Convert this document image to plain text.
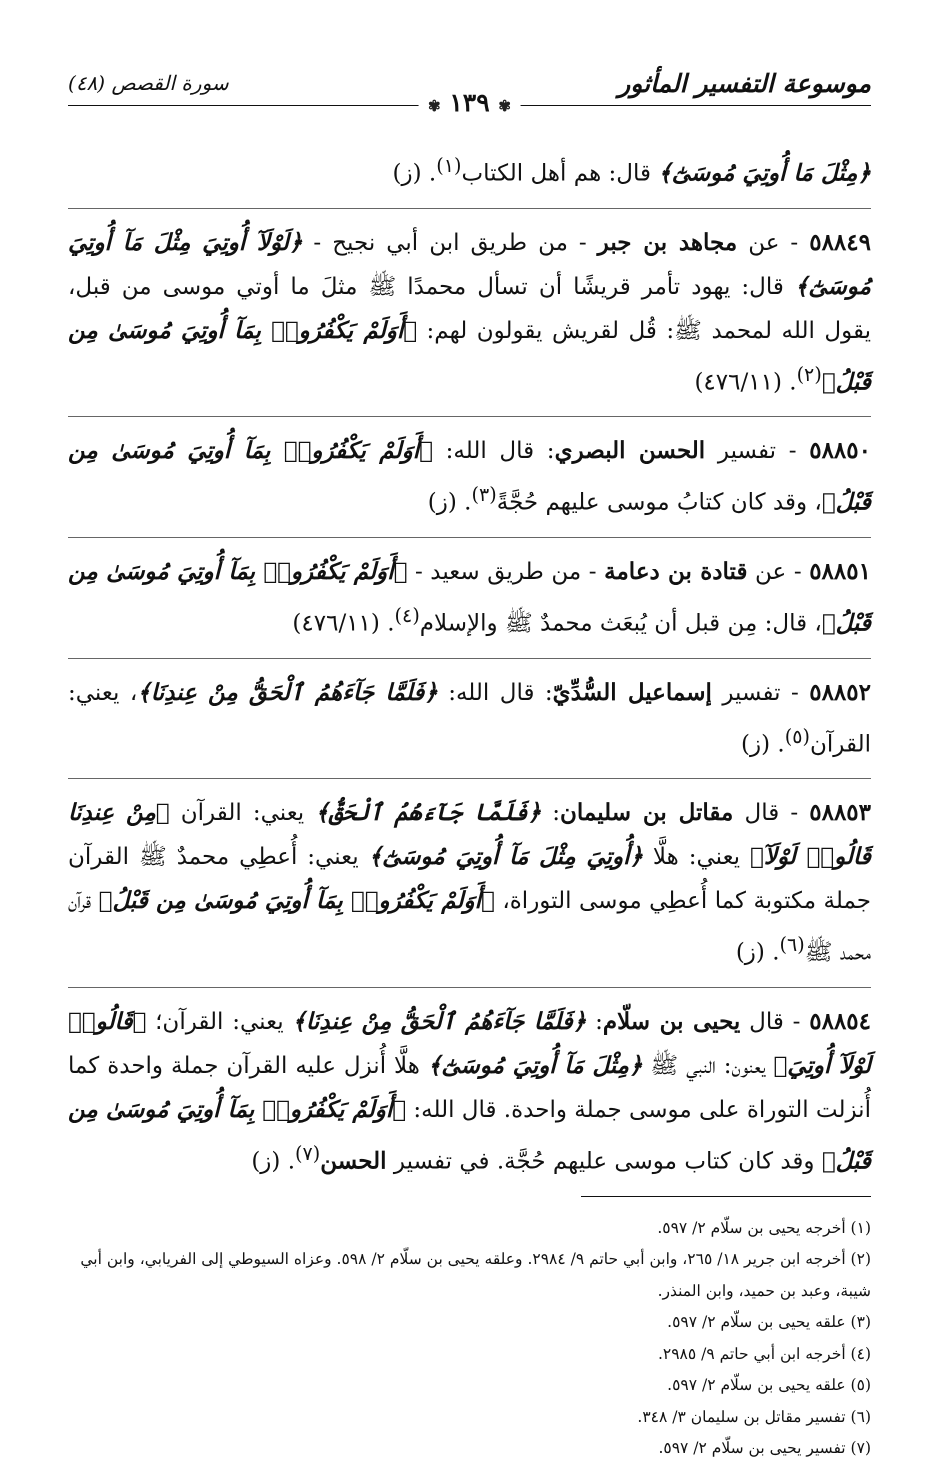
موسوعة التفسير المأثور
سورة القصص (٤٨)
✾ ١٣٩ ✾

﴿مِثْلَ مَا أُوتِيَ مُوسَىٰٓ﴾ قال: هم أهل الكتاب$^{(١)}$. (ز)

٥٨٨٤٩ - عن مجاهد بن جبر - من طريق ابن أبي نجيح - ﴿لَوْلَآ أُوتِيَ مِثْلَ مَآ أُوتِيَ مُوسَىٰٓ﴾ قال: يهود تأمر قريشًا أن تسأل محمدًا ﷺ مثلَ ما أوتي موسى من قبل، يقول الله لمحمد ﷺ: قُل لقريش يقولون لهم: ﴿أَوَلَمْ يَكْفُرُوا۟ بِمَآ أُوتِيَ مُوسَىٰ مِن قَبْلُ﴾$^{(٢)}$. (٤٧٦/١١)

٥٨٨٥٠ - تفسير الحسن البصري: قال الله: ﴿أَوَلَمْ يَكْفُرُوا۟ بِمَآ أُوتِيَ مُوسَىٰ مِن قَبْلُ﴾، وقد كان كتابُ موسى عليهم حُجَّةً$^{(٣)}$. (ز)

٥٨٨٥١ - عن قتادة بن دعامة - من طريق سعيد - ﴿أَوَلَمْ يَكْفُرُوا۟ بِمَآ أُوتِيَ مُوسَىٰ مِن قَبْلُ﴾، قال: مِن قبل أن يُبعَث محمدٌ ﷺ والإسلام$^{(٤)}$. (٤٧٦/١١)

٥٨٨٥٢ - تفسير إسماعيل السُّدِّيّ: قال الله: ﴿فَلَمَّا جَآءَهُمُ ٱلْحَقُّ مِنْ عِندِنَا﴾، يعني: القرآن$^{(٥)}$. (ز)

٥٨٨٥٣ - قال مقاتل بن سليمان: ﴿فَلَمَّا جَآءَهُمُ ٱلْحَقُّ﴾ يعني: القرآن ﴿مِنْ عِندِنَا قَالُوا۟ لَوْلَآ﴾ يعني: هلَّا ﴿أُوتِيَ مِثْلَ مَآ أُوتِيَ مُوسَىٰٓ﴾ يعني: أُعطِي محمدٌ ﷺ القرآن جملة مكتوبة كما أُعطِي موسى التوراة، ﴿أَوَلَمْ يَكْفُرُوا۟ بِمَآ أُوتِيَ مُوسَىٰ مِن قَبْلُ﴾ قرآن محمد ﷺ$^{(٦)}$. (ز)

٥٨٨٥٤ - قال يحيى بن سلّام: ﴿فَلَمَّا جَآءَهُمُ ٱلْحَقُّ مِنْ عِندِنَا﴾ يعني: القرآن؛ ﴿قَالُوا۟ لَوْلَآ أُوتِيَ﴾ يعنون: النبي ﷺ ﴿مِثْلَ مَآ أُوتِيَ مُوسَىٰٓ﴾ هلَّا أُنزل عليه القرآن جملة واحدة كما أُنزلت التوراة على موسى جملة واحدة. قال الله: ﴿أَوَلَمْ يَكْفُرُوا۟ بِمَآ أُوتِيَ مُوسَىٰ مِن قَبْلُ﴾ وقد كان كتاب موسى عليهم حُجَّة. في تفسير الحسن$^{(٧)}$. (ز)

(١) أخرجه يحيى بن سلّام ٢/ ٥٩٧.

(٢) أخرجه ابن جرير ١٨/ ٢٦٥، وابن أبي حاتم ٩/ ٢٩٨٤. وعلقه يحيى بن سلّام ٢/ ٥٩٨. وعزاه السيوطي إلى الفريابي، وابن أبي شيبة، وعبد بن حميد، وابن المنذر.

(٣) علقه يحيى بن سلّام ٢/ ٥٩٧.

(٤) أخرجه ابن أبي حاتم ٩/ ٢٩٨٥.

(٥) علقه يحيى بن سلّام ٢/ ٥٩٧.

(٦) تفسير مقاتل بن سليمان ٣/ ٣٤٨.

(٧) تفسير يحيى بن سلّام ٢/ ٥٩٧.
